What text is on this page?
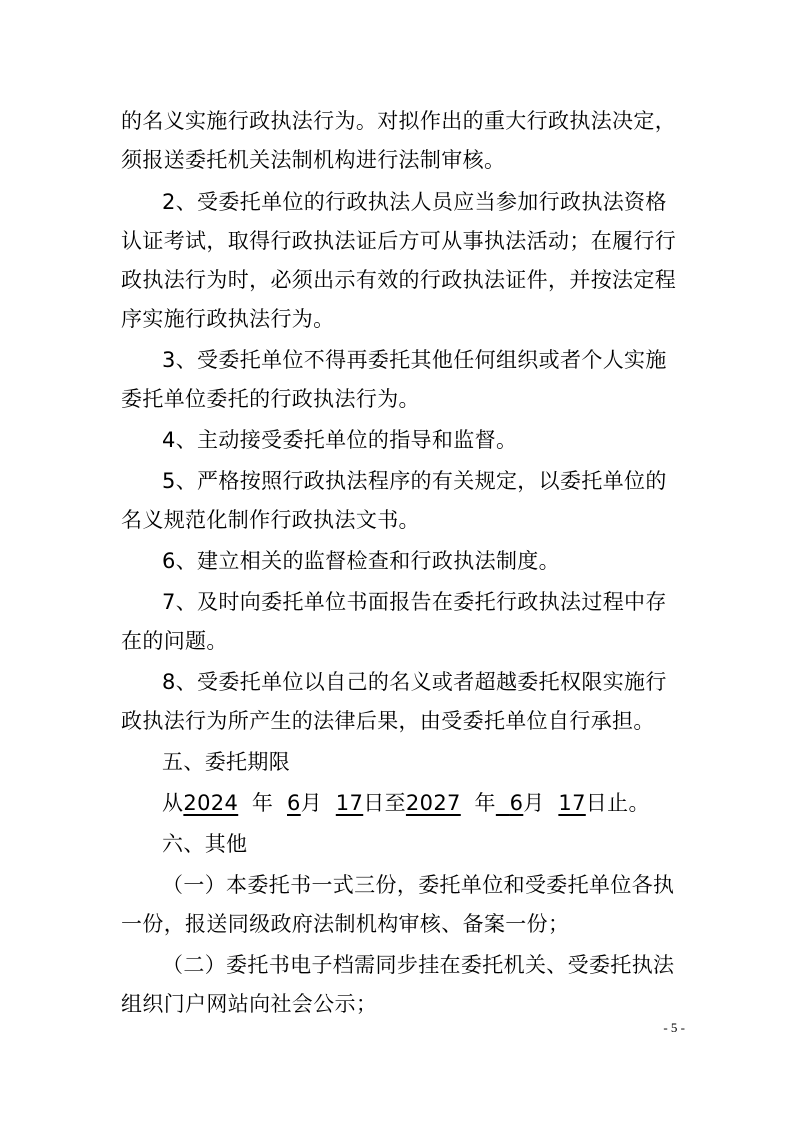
的名义实施行政执法行为。对拟作出的重大行政执法决定，
须报送委托机关法制机构进行法制审核。
2、受委托单位的行政执法人员应当参加行政执法资格
认证考试，取得行政执法证后方可从事执法活动；在履行行
政执法行为时，必须出示有效的行政执法证件，并按法定程
序实施行政执法行为。
3、受委托单位不得再委托其他任何组织或者个人实施
委托单位委托的行政执法行为。
4、主动接受委托单位的指导和监督。
5、严格按照行政执法程序的有关规定，以委托单位的
名义规范化制作行政执法文书。
6、建立相关的监督检查和行政执法制度。
7、及时向委托单位书面报告在委托行政执法过程中存
在的问题。
8、受委托单位以自己的名义或者超越委托权限实施行
政执法行为所产生的法律后果，由受委托单位自行承担。
五、委托期限
从2024  年  6月  17日至2027  年  6月  17日止。
六、其他
（一）本委托书一式三份，委托单位和受委托单位各执
一份，报送同级政府法制机构审核、备案一份；
（二）委托书电子档需同步挂在委托机关、受委托执法
组织门户网站向社会公示；
- 5 -
